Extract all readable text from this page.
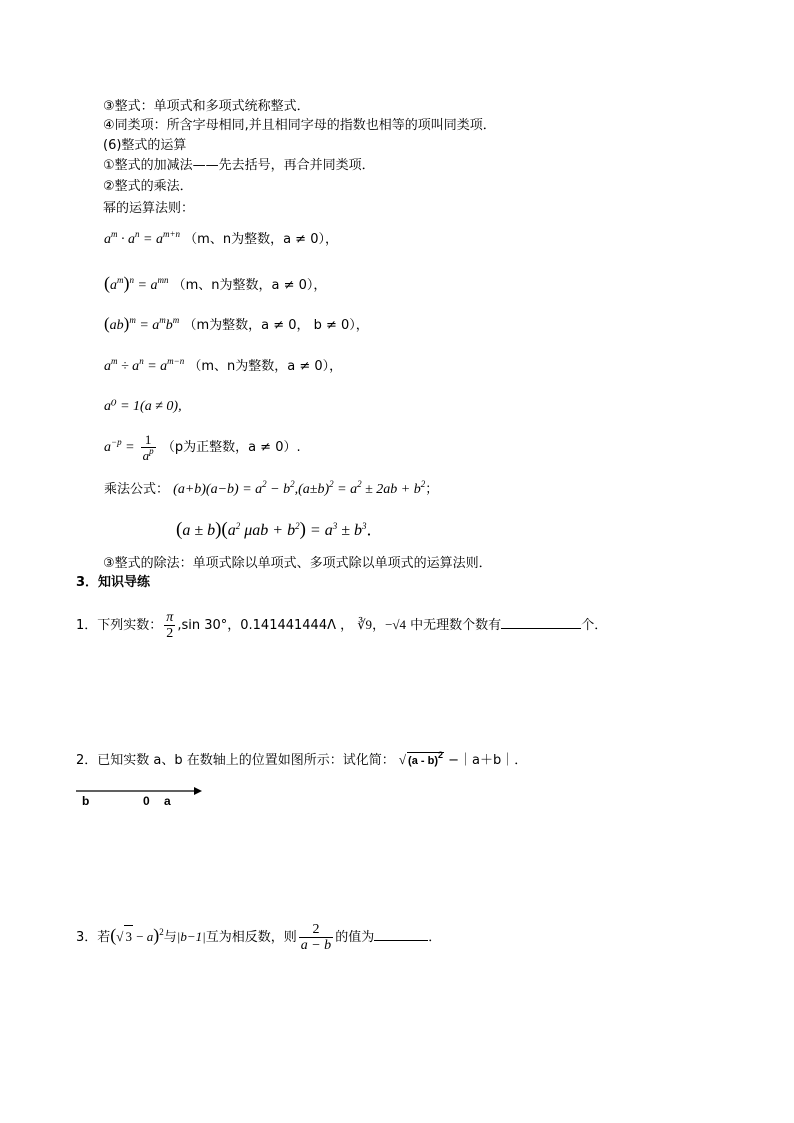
③整式：单项式和多项式统称整式．
④同类项：所含字母相同,并且相同字母的指数也相等的项叫同类项．
(6)整式的运算
①整式的加减法——先去括号，再合并同类项．
②整式的乘法．
幂的运算法则：
$a^m \cdot a^n = a^{m+n}$ （m、n为整数，a ≠ 0），
$(a^m)^n = a^{mn}$ （m、n为整数，a ≠ 0），
$(ab)^m = a^mb^m$ （m为整数，a ≠ 0， b ≠ 0），
$a^m \div a^n = a^{m-n}$ （m、n为整数，a ≠ 0），
a⁰ = 1(a ≠ 0),
$a^{-p} = \frac{1}{a^p} (p$为正整数，a ≠ 0）.
乘法公式： $(a+b)(a-b) = a^2 - b^2,(a\pm b)^2 = a^2 \pm 2ab + b^2$；
$(a \pm b)(a^2$ $\mu ab + b^2) = a^3 \pm b^3$．
③整式的除法：单项式除以单项式、多项式除以单项式的运算法则．
3．知识导练
1．下列实数： $\frac{\pi}{2} ,\sin$ 30°，0.141441444Λ ， ∛9，−√4 中无理数个数有	个．
2．已知实数 a、b 在数轴上的位置如图所示：试化简： √ (a - b)$^2$ −｜a＋b｜．
b	0 a
3．若(√ 3 − a)$^2$与|b−1|互为相反数，则 $\frac{2}{a - b}$ 的值为	．
